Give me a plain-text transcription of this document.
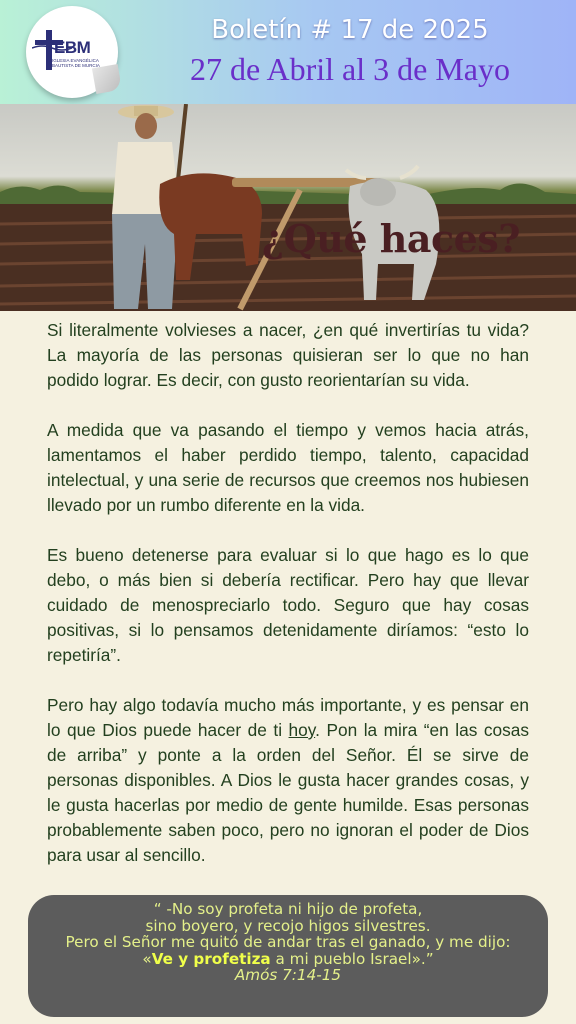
EBM
IGLESIA EVANGÉLICA
BAUTISTA DE MURCIA
Boletín # 17 de 2025
27 de Abril al 3 de Mayo
¿Qué haces?

Si literalmente volvieses a nacer, ¿en qué invertirías tu vida? La mayoría de las personas quisieran ser lo que no han podido lograr. Es decir, con gusto reorientarían su vida.

A medida que va pasando el tiempo y vemos hacia atrás, lamentamos el haber perdido tiempo, talento, capacidad intelectual, y una serie de recursos que creemos nos hubiesen llevado por un rumbo diferente en la vida.

Es bueno detenerse para evaluar si lo que hago es lo que debo, o más bien si debería rectificar. Pero hay que llevar cuidado de menospreciarlo todo. Seguro que hay cosas positivas, si lo pensamos detenidamente diríamos: “esto lo repetiría”.

Pero hay algo todavía mucho más importante, y es pensar en lo que Dios puede hacer de ti hoy. Pon la mira “en las cosas de arriba” y ponte a la orden del Señor. Él se sirve de personas disponibles. A Dios le gusta hacer grandes cosas, y le gusta hacerlas por medio de gente humilde. Esas personas probablemente saben poco, pero no ignoran el poder de Dios para usar al sencillo.

“ -No soy profeta ni hijo de profeta,
sino boyero, y recojo higos silvestres.
Pero el Señor me quitó de andar tras el ganado, y me dijo:
«Ve y profetiza a mi pueblo Israel».”
Amós 7:14-15
